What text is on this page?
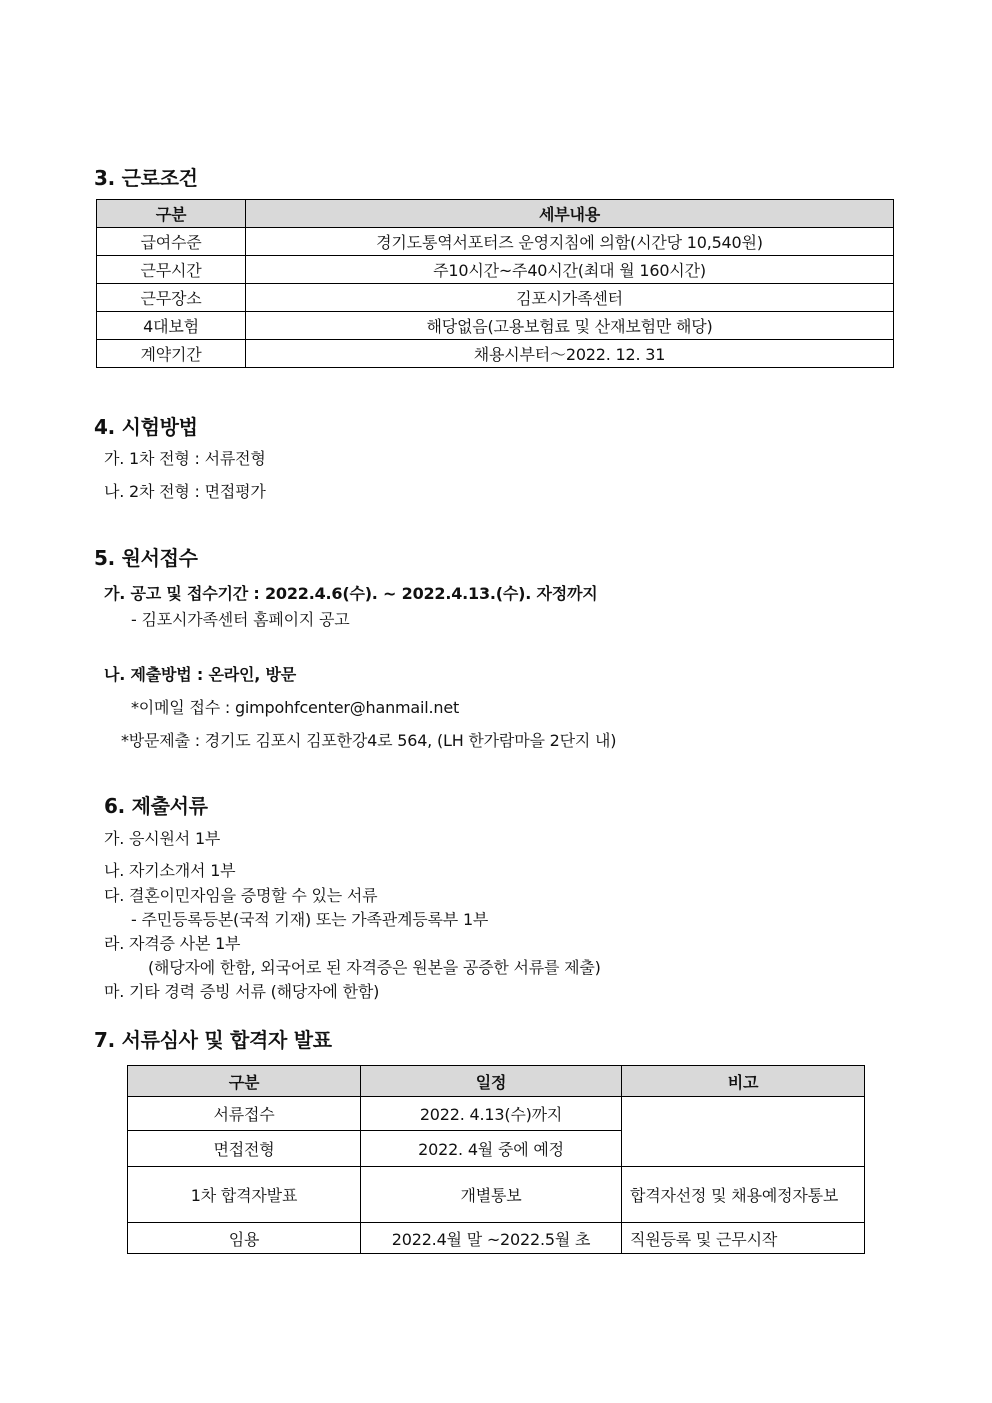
3. 근로조건
구분	세부내용
급여수준	경기도통역서포터즈 운영지침에 의함(시간당 10,540원)
근무시간	주10시간~주40시간(최대 월 160시간)
근무장소	김포시가족센터
4대보험	해당없음(고용보험료 및 산재보험만 해당)
계약기간	채용시부터～2022. 12. 31
4. 시험방법
가. 1차 전형 : 서류전형
나. 2차 전형 : 면접평가
5. 원서접수
가. 공고 및 접수기간 : 2022.4.6(수). ~ 2022.4.13.(수). 자정까지
- 김포시가족센터 홈페이지 공고
나. 제출방법 : 온라인, 방문
*이메일 접수 : gimpohfcenter@hanmail.net
*방문제출 : 경기도 김포시 김포한강4로 564, (LH 한가람마을 2단지 내)
6. 제출서류
가. 응시원서 1부
나. 자기소개서 1부
다. 결혼이민자임을 증명할 수 있는 서류
- 주민등록등본(국적 기재) 또는 가족관계등록부 1부
라. 자격증 사본 1부
(해당자에 한함, 외국어로 된 자격증은 원본을 공증한 서류를 제출)
마. 기타 경력 증빙 서류 (해당자에 한함)
7. 서류심사 및 합격자 발표
구분	일정	비고
서류접수	2022. 4.13(수)까지	
면접전형	2022. 4월 중에 예정	
1차 합격자발표	개별통보	합격자선정 및 채용예정자통보
임용	2022.4월 말 ~2022.5월 초	직원등록 및 근무시작
